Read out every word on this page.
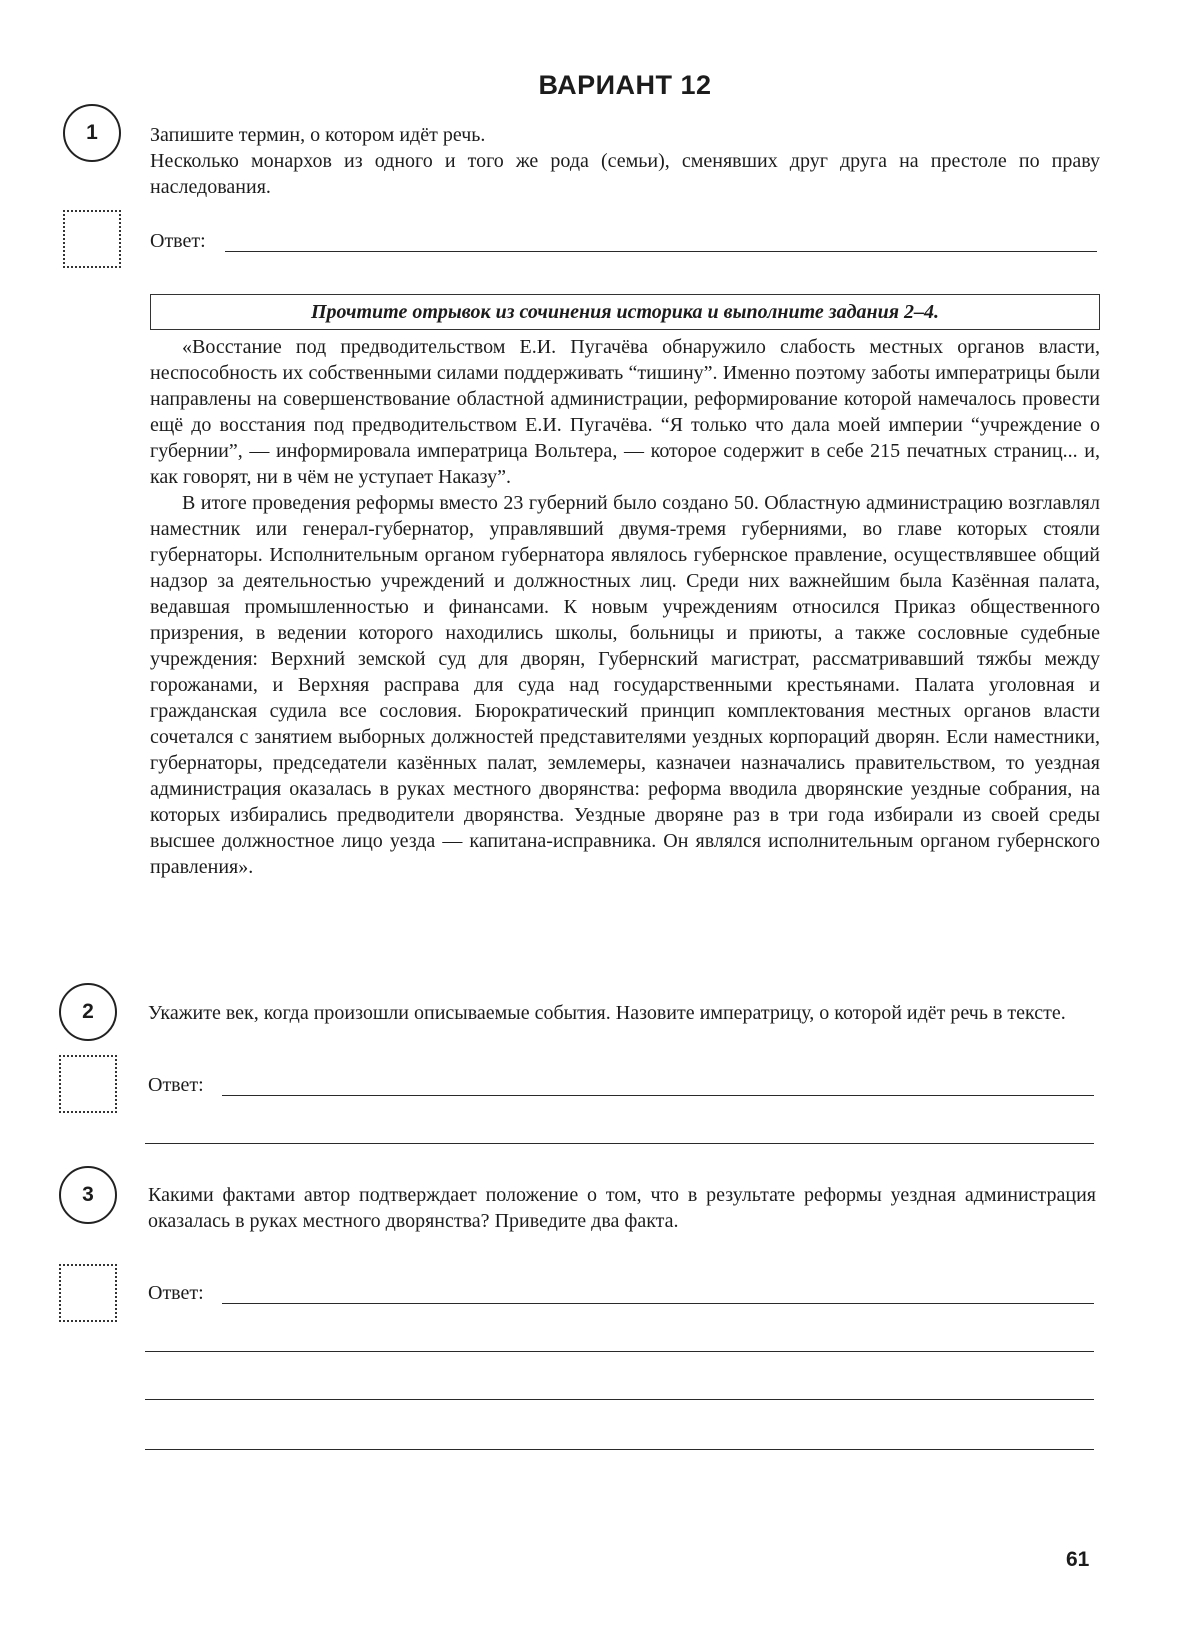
ВАРИАНТ 12
1	Запишите термин, о котором идёт речь.
Несколько монархов из одного и того же рода (семьи), сменявших друг друга на престоле по праву наследования.
Ответ:
Прочтите отрывок из сочинения историка и выполните задания 2–4.

«Восстание под предводительством Е.И. Пугачёва обнаружило слабость местных органов власти, неспособность их собственными силами поддерживать “тишину”. Именно поэтому заботы императрицы были направлены на совершенствование областной администрации, реформирование которой намечалось провести ещё до восстания под предводительством Е.И. Пугачёва. “Я только что дала моей империи “учреждение о губернии”, — информировала императрица Вольтера, — которое содержит в себе 215 печатных страниц... и, как говорят, ни в чём не уступает Наказу”.

В итоге проведения реформы вместо 23 губерний было создано 50. Областную администрацию возглавлял наместник или генерал-губернатор, управлявший двумя-тремя губерниями, во главе которых стояли губернаторы. Исполнительным органом губернатора являлось губернское правление, осуществлявшее общий надзор за деятельностью учреждений и должностных лиц. Среди них важнейшим была Казённая палата, ведавшая промышленностью и финансами. К новым учреждениям относился Приказ общественного призрения, в ведении которого находились школы, больницы и приюты, а также сословные судебные учреждения: Верхний земской суд для дворян, Губернский магистрат, рассматривавший тяжбы между горожанами, и Верхняя расправа для суда над государственными крестьянами. Палата уголовная и гражданская судила все сословия. Бюрократический принцип комплектования местных органов власти сочетался с занятием выборных должностей представителями уездных корпораций дворян. Если наместники, губернаторы, председатели казённых палат, землемеры, казначеи назначались правительством, то уездная администрация оказалась в руках местного дворянства: реформа вводила дворянские уездные собрания, на которых избирались предводители дворянства. Уездные дворяне раз в три года избирали из своей среды высшее должностное лицо уезда — капитана-исправника. Он являлся исполнительным органом губернского правления».

2	Укажите век, когда произошли описываемые события. Назовите императрицу, о которой идёт речь в тексте.
Ответ:
3	Какими фактами автор подтверждает положение о том, что в результате реформы уездная администрация оказалась в руках местного дворянства? Приведите два факта.
Ответ:
61
